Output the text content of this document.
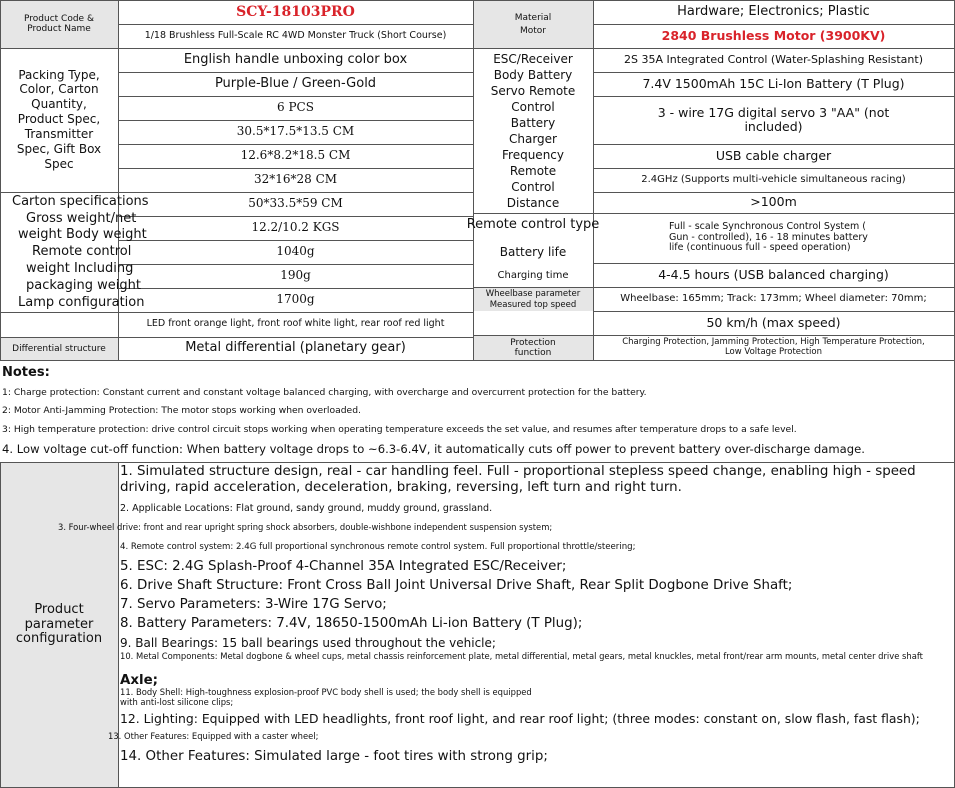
Product Code &
Product Name
Packing Type,
Color, Carton
Quantity,
Product Spec,
Transmitter
Spec, Gift Box
Spec
Carton specifications
Gross weight/net
weight Body weight
Remote control
weight Including
packaging weight
Lamp configuration
Differential structure
SCY-18103PRO
1/18 Brushless Full-Scale RC 4WD Monster Truck (Short Course)
English handle unboxing color box
Purple-Blue / Green-Gold
6 PCS
30.5*17.5*13.5 CM
12.6*8.2*18.5 CM
32*16*28 CM
50*33.5*59 CM
12.2/10.2 KGS
1040g
190g
1700g
LED front orange light, front roof white light, rear roof red light
Metal differential (planetary gear)
Material
Motor
ESC/Receiver
Body Battery
Servo Remote
Control
Battery
Charger
Frequency
Remote
Control
Distance
Remote control type
Battery life
Charging time
Wheelbase parameter
Measured top speed
Protection
function
Hardware; Electronics; Plastic
2840 Brushless Motor (3900KV)
2S 35A Integrated Control (Water-Splashing Resistant)
7.4V 1500mAh 15C Li-Ion Battery (T Plug)
3 - wire 17G digital servo 3 "AA" (not
included)
USB cable charger
2.4GHz (Supports multi-vehicle simultaneous racing)
>100m
Full - scale Synchronous Control System (
Gun - controlled), 16 - 18 minutes battery
life (continuous full - speed operation)
4-4.5 hours (USB balanced charging)
Wheelbase: 165mm; Track: 173mm; Wheel diameter: 70mm;
50 km/h (max speed)
Charging Protection, Jamming Protection, High Temperature Protection,
Low Voltage Protection
Notes:
1: Charge protection: Constant current and constant voltage balanced charging, with overcharge and overcurrent protection for the battery.
2: Motor Anti-Jamming Protection: The motor stops working when overloaded.
3: High temperature protection: drive control circuit stops working when operating temperature exceeds the set value, and resumes after temperature drops to a safe level.
4. Low voltage cut-off function: When battery voltage drops to ~6.3-6.4V, it automatically cuts off power to prevent battery over-discharge damage.
Product
parameter
configuration
1. Simulated structure design, real - car handling feel. Full - proportional stepless speed change, enabling high - speed driving, rapid acceleration, deceleration, braking, reversing, left turn and right turn.
2. Applicable Locations: Flat ground, sandy ground, muddy ground, grassland.
3. Four-wheel drive: front and rear upright spring shock absorbers, double-wishbone independent suspension system;
4. Remote control system: 2.4G full proportional synchronous remote control system. Full proportional throttle/steering;
5. ESC: 2.4G Splash-Proof 4-Channel 35A Integrated ESC/Receiver;
6. Drive Shaft Structure: Front Cross Ball Joint Universal Drive Shaft, Rear Split Dogbone Drive Shaft;
7. Servo Parameters: 3-Wire 17G Servo;
8. Battery Parameters: 7.4V, 18650-1500mAh Li-ion Battery (T Plug);
9. Ball Bearings: 15 ball bearings used throughout the vehicle;
10. Metal Components: Metal dogbone & wheel cups, metal chassis reinforcement plate, metal differential, metal gears, metal knuckles, metal front/rear arm mounts, metal center drive shaft
Axle;
11. Body Shell: High-toughness explosion-proof PVC body shell is used; the body shell is equipped
with anti-lost silicone clips;
12. Lighting: Equipped with LED headlights, front roof light, and rear roof light; (three modes: constant on, slow flash, fast flash);
13. Other Features: Equipped with a caster wheel;
14. Other Features: Simulated large - foot tires with strong grip;
